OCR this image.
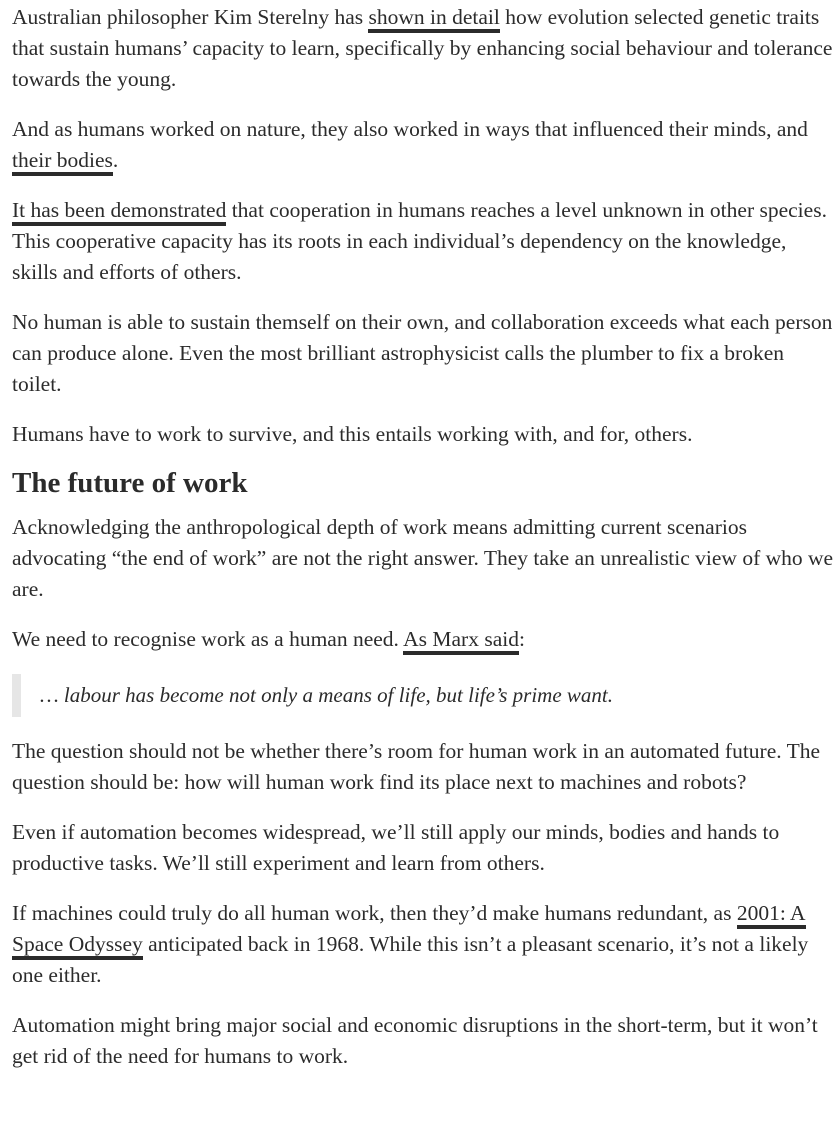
Australian philosopher Kim Sterelny has shown in detail how evolution selected genetic traits that sustain humans’ capacity to learn, specifically by enhancing social behaviour and tolerance towards the young.

And as humans worked on nature, they also worked in ways that influenced their minds, and their bodies.

It has been demonstrated that cooperation in humans reaches a level unknown in other species. This cooperative capacity has its roots in each individual’s dependency on the knowledge, skills and efforts of others.

No human is able to sustain themself on their own, and collaboration exceeds what each person can produce alone. Even the most brilliant astrophysicist calls the plumber to fix a broken toilet.

Humans have to work to survive, and this entails working with, and for, others.

The future of work

Acknowledging the anthropological depth of work means admitting current scenarios advocating “the end of work” are not the right answer. They take an unrealistic view of who we are.

We need to recognise work as a human need. As Marx said:

… labour has become not only a means of life, but life’s prime want.

The question should not be whether there’s room for human work in an automated future. The question should be: how will human work find its place next to machines and robots?

Even if automation becomes widespread, we’ll still apply our minds, bodies and hands to productive tasks. We’ll still experiment and learn from others.

If machines could truly do all human work, then they’d make humans redundant, as 2001: A Space Odyssey anticipated back in 1968. While this isn’t a pleasant scenario, it’s not a likely one either.

Automation might bring major social and economic disruptions in the short-term, but it won’t get rid of the need for humans to work.
